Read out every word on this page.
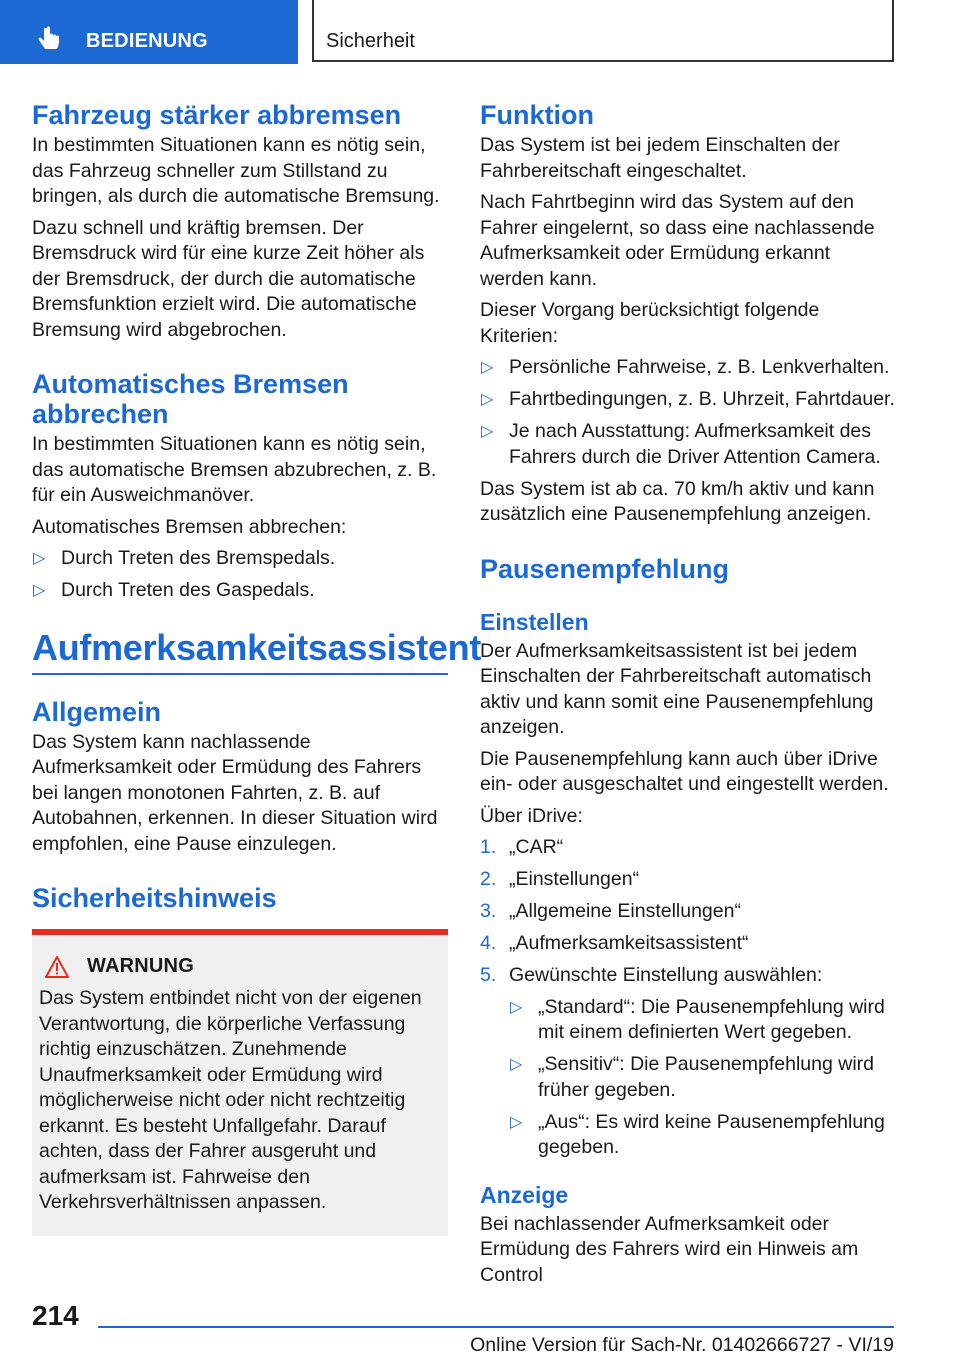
BEDIENUNG	Sicherheit
Fahrzeug stärker abbremsen

In bestimmten Situationen kann es nötig sein, das Fahrzeug schneller zum Stillstand zu bringen, als durch die automatische Bremsung.

Dazu schnell und kräftig bremsen. Der Bremsdruck wird für eine kurze Zeit höher als der Bremsdruck, der durch die automatische Bremsfunktion erzielt wird. Die automatische Bremsung wird abgebrochen.

Automatisches Bremsen abbrechen

In bestimmten Situationen kann es nötig sein, das automatische Bremsen abzubrechen, z. B. für ein Ausweichmanöver.

Automatisches Bremsen abbrechen:

▷ Durch Treten des Bremspedals.
▷ Durch Treten des Gaspedals.
Aufmerksamkeitsassistent
Allgemein

Das System kann nachlassende Aufmerksamkeit oder Ermüdung des Fahrers bei langen monotonen Fahrten, z. B. auf Autobahnen, erkennen. In dieser Situation wird empfohlen, eine Pause einzulegen.

Sicherheitshinweis
WARNUNG

Das System entbindet nicht von der eigenen Verantwortung, die körperliche Verfassung richtig einzuschätzen. Zunehmende Unaufmerksamkeit oder Ermüdung wird möglicherweise nicht oder nicht rechtzeitig erkannt. Es besteht Unfallgefahr. Darauf achten, dass der Fahrer ausgeruht und aufmerksam ist. Fahrweise den Verkehrsverhältnissen anpassen.

Funktion

Das System ist bei jedem Einschalten der Fahrbereitschaft eingeschaltet.

Nach Fahrtbeginn wird das System auf den Fahrer eingelernt, so dass eine nachlassende Aufmerksamkeit oder Ermüdung erkannt werden kann.

Dieser Vorgang berücksichtigt folgende Kriterien:

▷ Persönliche Fahrweise, z. B. Lenkverhalten.
▷ Fahrtbedingungen, z. B. Uhrzeit, Fahrtdauer.
▷ Je nach Ausstattung: Aufmerksamkeit des Fahrers durch die Driver Attention Camera.

Das System ist ab ca. 70 km/h aktiv und kann zusätzlich eine Pausenempfehlung anzeigen.

Pausenempfehlung
Einstellen

Der Aufmerksamkeitsassistent ist bei jedem Einschalten der Fahrbereitschaft automatisch aktiv und kann somit eine Pausenempfehlung anzeigen.

Die Pausenempfehlung kann auch über iDrive ein- oder ausgeschaltet und eingestellt werden.

Über iDrive:

1. „CAR“
2. „Einstellungen“
3. „Allgemeine Einstellungen“
4. „Aufmerksamkeitsassistent“
5. Gewünschte Einstellung auswählen:
▷ „Standard“: Die Pausenempfehlung wird mit einem definierten Wert gegeben.
▷ „Sensitiv“: Die Pausenempfehlung wird früher gegeben.
▷ „Aus“: Es wird keine Pausenempfehlung gegeben.
Anzeige

Bei nachlassender Aufmerksamkeit oder Ermüdung des Fahrers wird ein Hinweis am Control

214
Online Version für Sach-Nr. 01402666727 - VI/19
